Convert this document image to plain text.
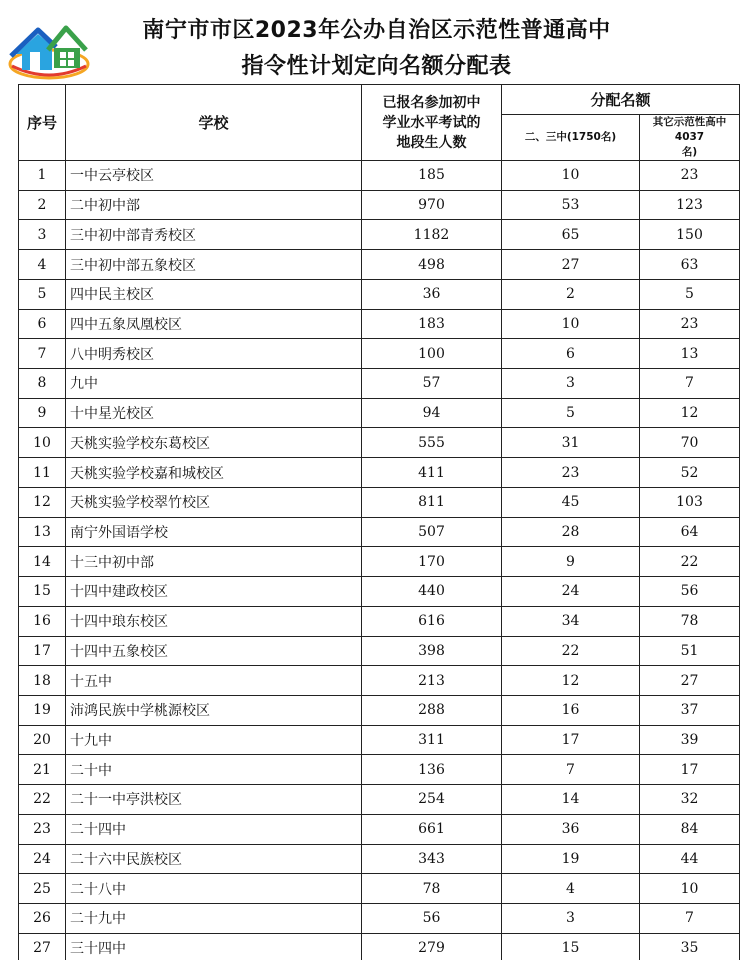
南宁市市区2023年公办自治区示范性普通高中
指令性计划定向名额分配表
序号	学校	已报名参加初中
学业水平考试的
地段生人数	分配名额	
			二、三中(1750名)	其它示范性高中4037
名)

1	一中云亭校区	185	10	23
2	二中初中部	970	53	123
3	三中初中部青秀校区	1182	65	150
4	三中初中部五象校区	498	27	63
5	四中民主校区	36	2	5
6	四中五象凤凰校区	183	10	23
7	八中明秀校区	100	6	13
8	九中	57	3	7
9	十中星光校区	94	5	12
10	天桃实验学校东葛校区	555	31	70
11	天桃实验学校嘉和城校区	411	23	52
12	天桃实验学校翠竹校区	811	45	103
13	南宁外国语学校	507	28	64
14	十三中初中部	170	9	22
15	十四中建政校区	440	24	56
16	十四中琅东校区	616	34	78
17	十四中五象校区	398	22	51
18	十五中	213	12	27
19	沛鸿民族中学桃源校区	288	16	37
20	十九中	311	17	39
21	二十中	136	7	17
22	二十一中亭洪校区	254	14	32
23	二十四中	661	36	84
24	二十六中民族校区	343	19	44
25	二十八中	78	4	10
26	二十九中	56	3	7
27	三十四中	279	15	35
